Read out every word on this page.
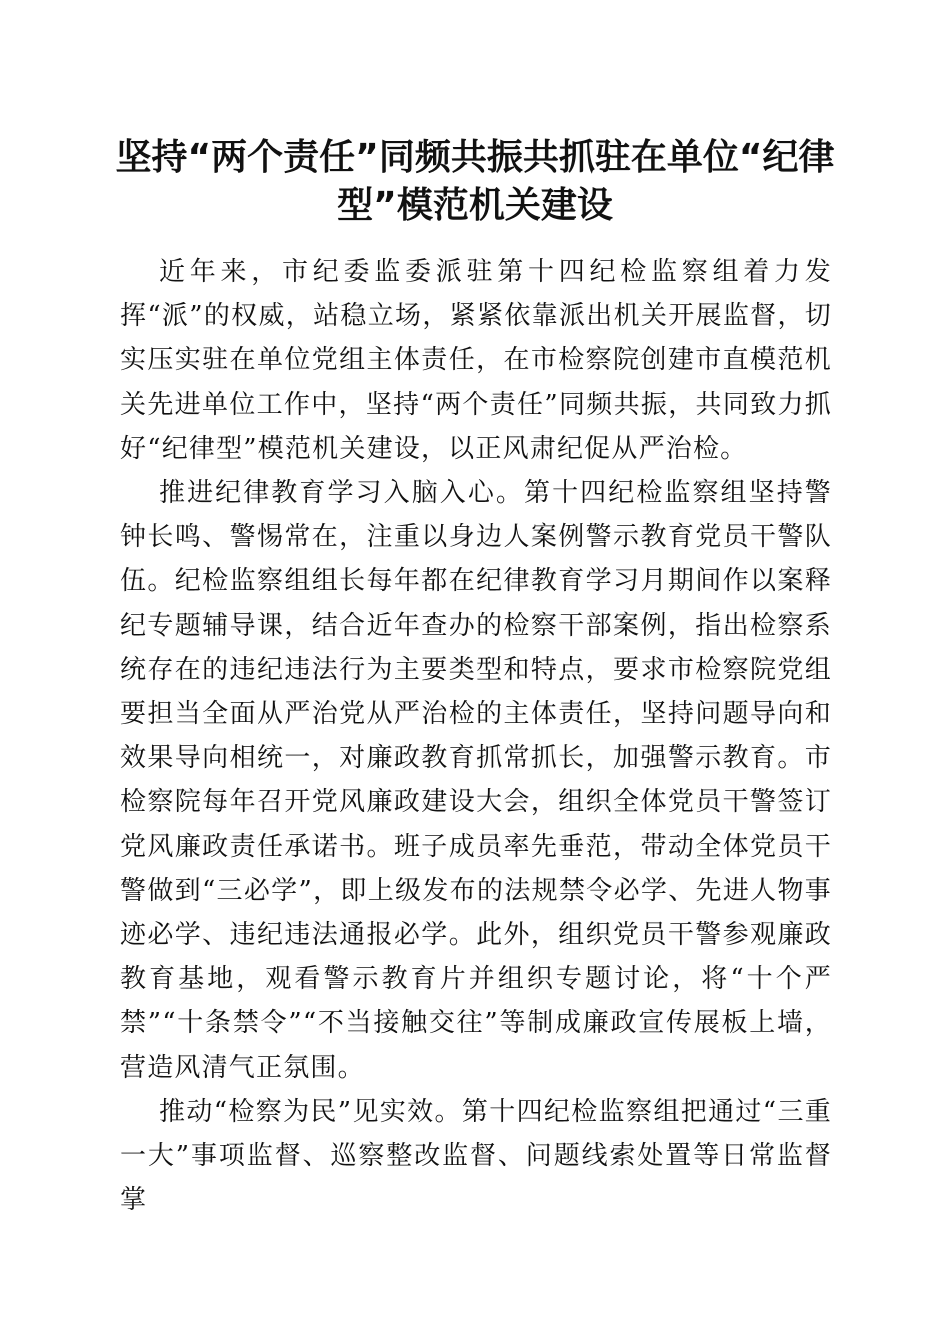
坚持“两个责任”同频共振共抓驻在单位“纪律型”模范机关建设

近年来，市纪委监委派驻第十四纪检监察组着力发挥“派”的权威，站稳立场，紧紧依靠派出机关开展监督，切实压实驻在单位党组主体责任，在市检察院创建市直模范机关先进单位工作中，坚持“两个责任”同频共振，共同致力抓好“纪律型”模范机关建设，以正风肃纪促从严治检。

推进纪律教育学习入脑入心。第十四纪检监察组坚持警钟长鸣、警惕常在，注重以身边人案例警示教育党员干警队伍。纪检监察组组长每年都在纪律教育学习月期间作以案释纪专题辅导课，结合近年查办的检察干部案例，指出检察系统存在的违纪违法行为主要类型和特点，要求市检察院党组要担当全面从严治党从严治检的主体责任，坚持问题导向和效果导向相统一，对廉政教育抓常抓长，加强警示教育。市检察院每年召开党风廉政建设大会，组织全体党员干警签订党风廉政责任承诺书。班子成员率先垂范，带动全体党员干警做到“三必学”，即上级发布的法规禁令必学、先进人物事迹必学、违纪违法通报必学。此外，组织党员干警参观廉政教育基地，观看警示教育片并组织专题讨论，将“十个严禁”“十条禁令”“不当接触交往”等制成廉政宣传展板上墙，营造风清气正氛围。

推动“检察为民”见实效。第十四纪检监察组把通过“三重一大”事项监督、巡察整改监督、问题线索处置等日常监督掌
